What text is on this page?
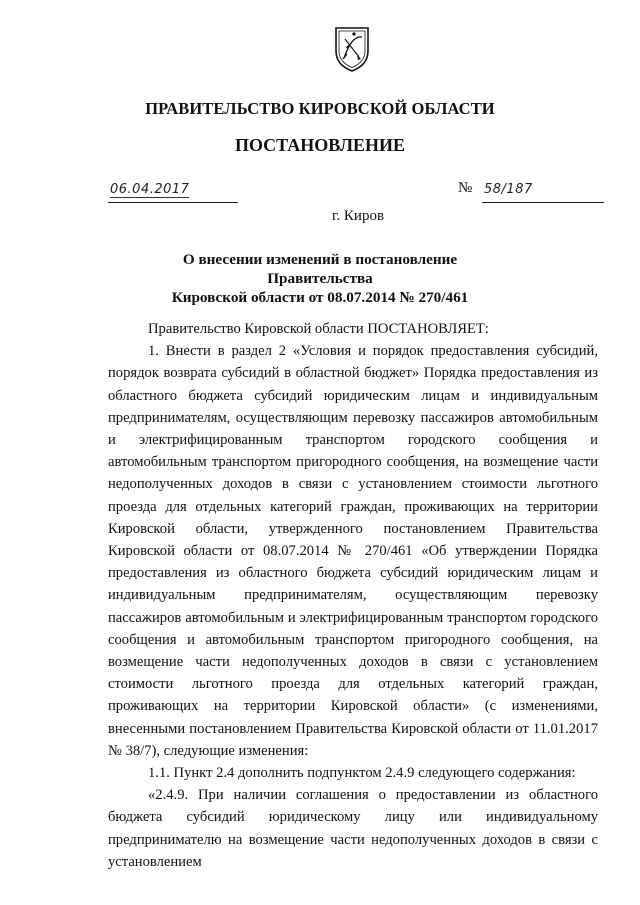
ПРАВИТЕЛЬСТВО КИРОВСКОЙ ОБЛАСТИ
ПОСТАНОВЛЕНИЕ
06.04.2017	№ 58/187
г. Киров
О внесении изменений в постановление Правительства
Кировской области от 08.07.2014 № 270/461

Правительство Кировской области ПОСТАНОВЛЯЕТ:

1. Внести в раздел 2 «Условия и порядок предоставления субсидий, порядок возврата субсидий в областной бюджет» Порядка предоставления из областного бюджета субсидий юридическим лицам и индивидуальным предпринимателям, осуществляющим перевозку пассажиров автомобильным и электрифицированным транспортом городского сообщения и автомобильным транспортом пригородного сообщения, на возмещение части недополученных доходов в связи с установлением стоимости льготного проезда для отдельных категорий граждан, проживающих на территории Кировской области, утвержденного постановлением Правительства Кировской области от 08.07.2014 № 270/461 «Об утверждении Порядка предоставления из областного бюджета субсидий юридическим лицам и индивидуальным предпринимателям, осуществляющим перевозку пассажиров автомобильным и электрифицированным транспортом городского сообщения и автомобильным транспортом пригородного сообщения, на возмещение части недополученных доходов в связи с установлением стоимости льготного проезда для отдельных категорий граждан, проживающих на территории Кировской области» (с изменениями, внесенными постановлением Правительства Кировской области от 11.01.2017 № 38/7), следующие изменения:

1.1. Пункт 2.4 дополнить подпунктом 2.4.9 следующего содержания:

«2.4.9. При наличии соглашения о предоставлении из областного бюджета субсидий юридическому лицу или индивидуальному предпринимателю на возмещение части недополученных доходов в связи с установлением
